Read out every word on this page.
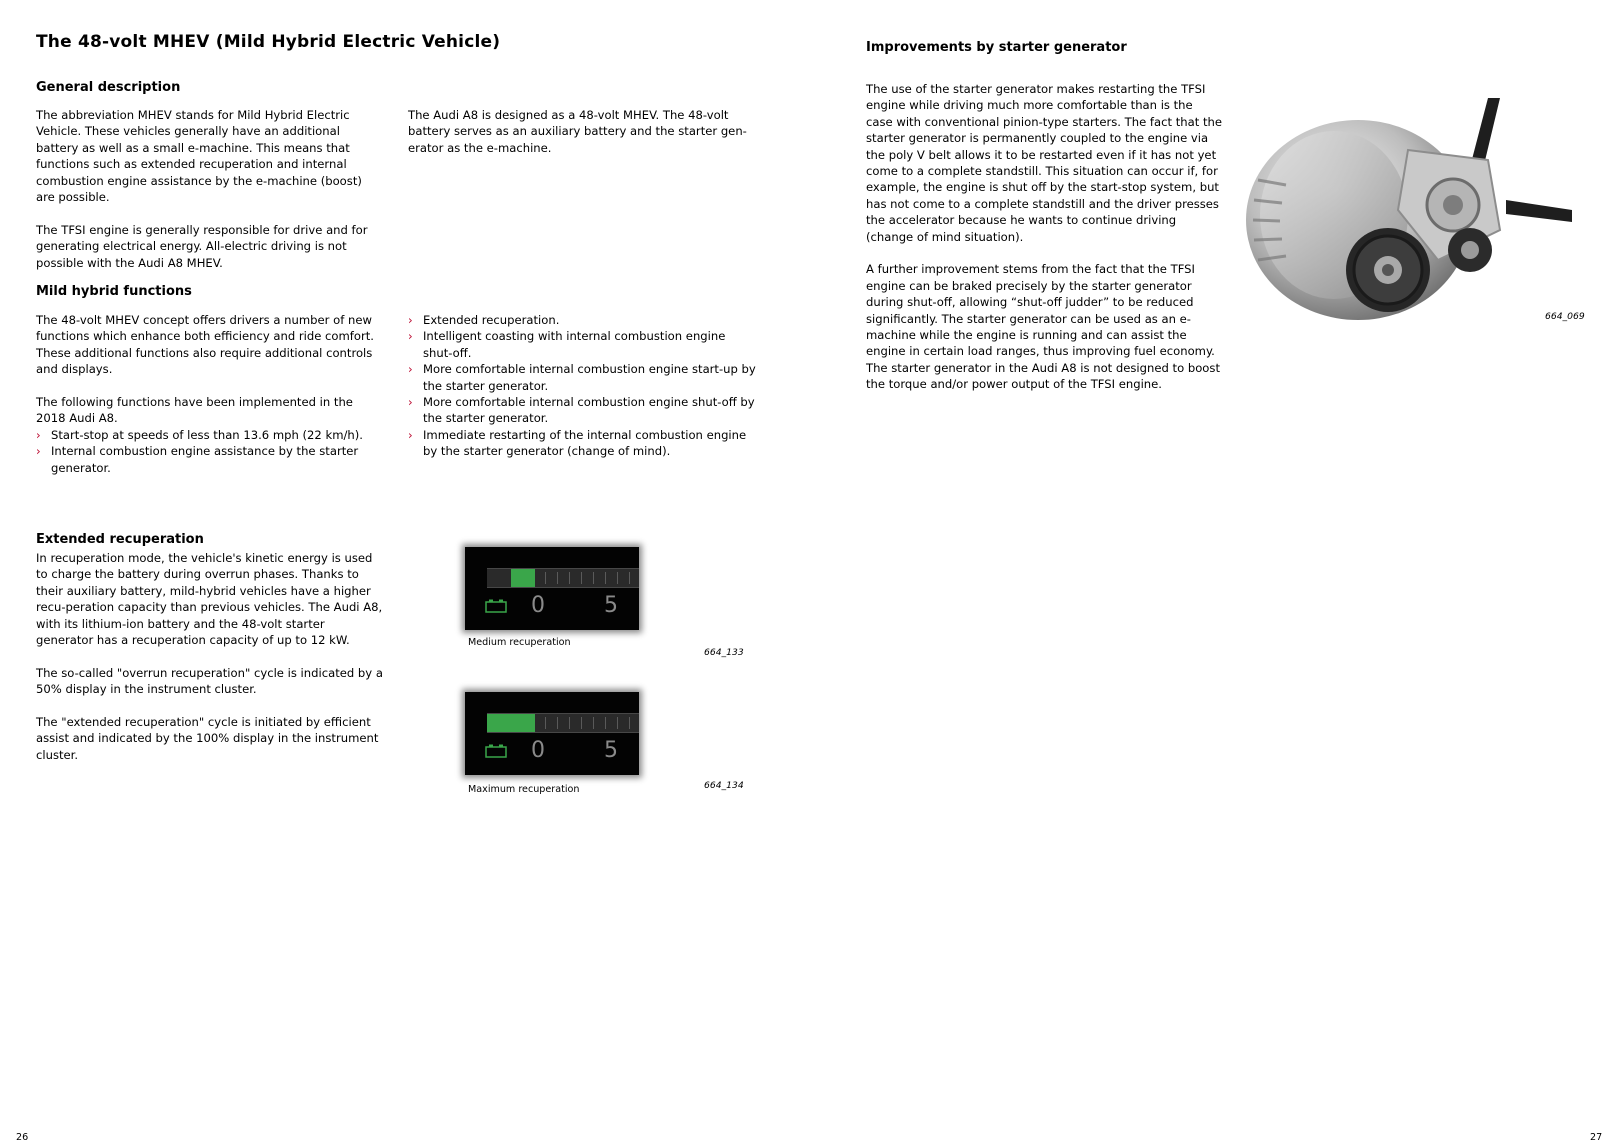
The 48-volt MHEV (Mild Hybrid Electric Vehicle)
General description

The abbreviation MHEV stands for Mild Hybrid Electric Vehicle. These vehicles generally have an additional battery as well as a small e-machine. This means that functions such as extended recuperation and internal combustion engine assistance by the e-machine (boost) are possible.

The TFSI engine is generally responsible for drive and for generating electrical energy. All-electric driving is not possible with the Audi A8 MHEV.

The Audi A8 is designed as a 48-volt MHEV. The 48-volt battery serves as an auxiliary battery and the starter gen-erator as the e-machine.

Mild hybrid functions

The 48-volt MHEV concept offers drivers a number of new functions which enhance both efficiency and ride comfort. These additional functions also require additional controls and displays.

The following functions have been implemented in the 2018 Audi A8.

› Start-stop at speeds of less than 13.6 mph (22 km/h).
› Internal combustion engine assistance by the starter generator.
› Extended recuperation.
› Intelligent coasting with internal combustion engine shut-off.
› More comfortable internal combustion engine start-up by the starter generator.
› More comfortable internal combustion engine shut-off by the starter generator.
› Immediate restarting of the internal combustion engine by the starter generator (change of mind).
Extended recuperation

In recuperation mode, the vehicle's kinetic energy is used to charge the battery during overrun phases. Thanks to their auxiliary battery, mild-hybrid vehicles have a higher recu-peration capacity than previous vehicles. The Audi A8, with its lithium-ion battery and the 48-volt starter generator has a recuperation capacity of up to 12 kW.

The so-called "overrun recuperation" cycle is indicated by a 50% display in the instrument cluster.

The "extended recuperation" cycle is initiated by efficient assist and indicated by the 100% display in the instrument cluster.

0	5
Medium recuperation
664_133
0	5
664_134
Maximum recuperation
Improvements by starter generator

The use of the starter generator makes restarting the TFSI engine while driving much more comfortable than is the case with conventional pinion-type starters. The fact that the starter generator is permanently coupled to the engine via the poly V belt allows it to be restarted even if it has not yet come to a complete standstill. This situation can occur if, for example, the engine is shut off by the start-stop system, but has not come to a complete standstill and the driver presses the accelerator because he wants to continue driving (change of mind situation).

A further improvement stems from the fact that the TFSI engine can be braked precisely by the starter generator during shut-off, allowing “shut-off judder” to be reduced significantly. The starter generator can be used as an e-machine while the engine is running and can assist the engine in certain load ranges, thus improving fuel economy. The starter generator in the Audi A8 is not designed to boost the torque and/or power output of the TFSI engine.

664_069
26	27
